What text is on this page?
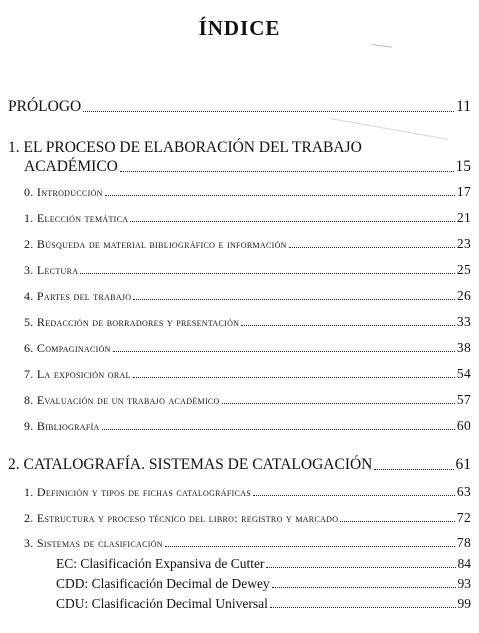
ÍNDICE
PRÓLOGO	11
1. EL PROCESO DE ELABORACIÓN DEL TRABAJO
ACADÉMICO	15
0. Introducción	17
1. Elección temática	21
2. Búsqueda de material bibliográfico e información	23
3. Lectura	25
4. Partes del trabajo	26
5. Redacción de borradores y presentación	33
6. Compaginación	38
7. La exposición oral	54
8. Evaluación de un trabajo académico	57
9. Bibliografía	60
2. CATALOGRAFÍA. SISTEMAS DE CATALOGACIÓN	61
1. Definición y tipos de fichas catalográficas	63
2. Estructura y proceso técnico del libro: registro y marcado	72
3. Sistemas de clasificación	78
EC: Clasificación Expansiva de Cutter	84
CDD: Clasificación Decimal de Dewey	93
CDU: Clasificación Decimal Universal	99
